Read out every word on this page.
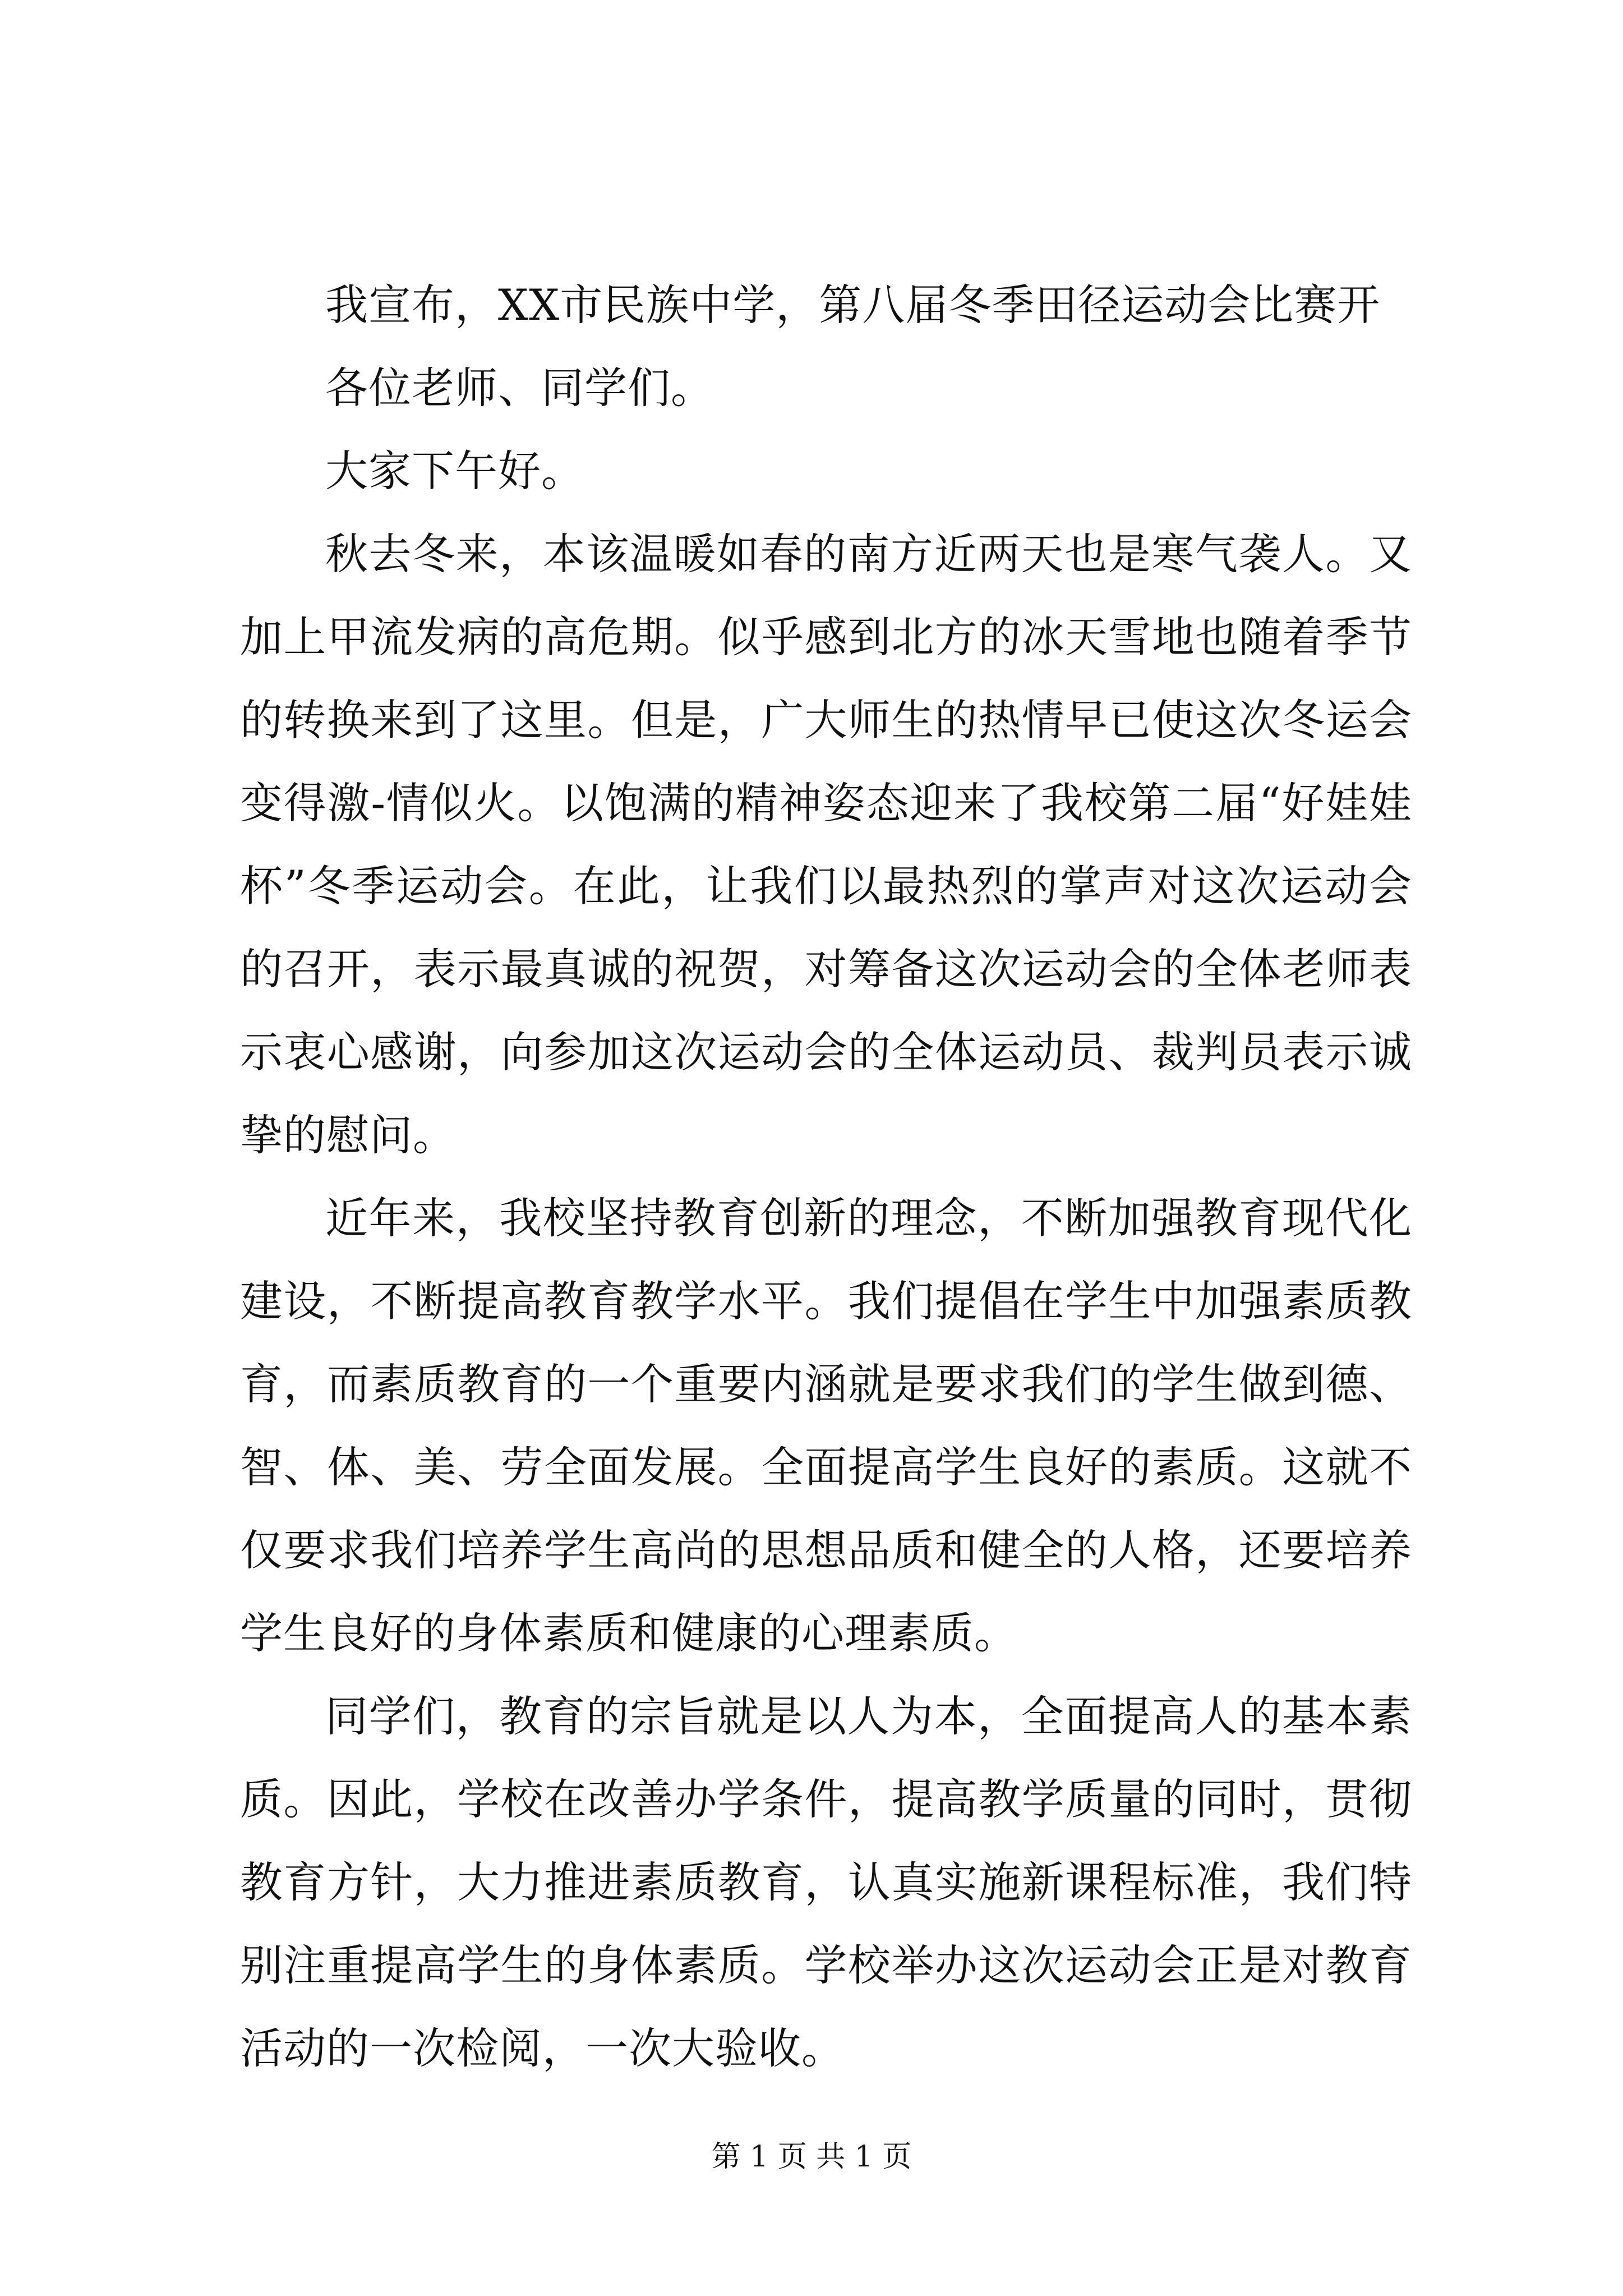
我宣布，XX市民族中学，第八届冬季田径运动会比赛开

各位老师、同学们。

大家下午好。

秋去冬来，本该温暖如春的南方近两天也是寒气袭人。又加上甲流发病的高危期。似乎感到北方的冰天雪地也随着季节的转换来到了这里。但是，广大师生的热情早已使这次冬运会变得激-情似火。以饱满的精神姿态迎来了我校第二届“好娃娃杯”冬季运动会。在此，让我们以最热烈的掌声对这次运动会的召开，表示最真诚的祝贺，对筹备这次运动会的全体老师表示衷心感谢，向参加这次运动会的全体运动员、裁判员表示诚挚的慰问。

近年来，我校坚持教育创新的理念，不断加强教育现代化建设，不断提高教育教学水平。我们提倡在学生中加强素质教育，而素质教育的一个重要内涵就是要求我们的学生做到德、智、体、美、劳全面发展。全面提高学生良好的素质。这就不仅要求我们培养学生高尚的思想品质和健全的人格，还要培养学生良好的身体素质和健康的心理素质。

同学们，教育的宗旨就是以人为本，全面提高人的基本素质。因此，学校在改善办学条件，提高教学质量的同时，贯彻教育方针，大力推进素质教育，认真实施新课程标准，我们特别注重提高学生的身体素质。学校举办这次运动会正是对教育活动的一次检阅，一次大验收。

第 1 页 共 1 页
